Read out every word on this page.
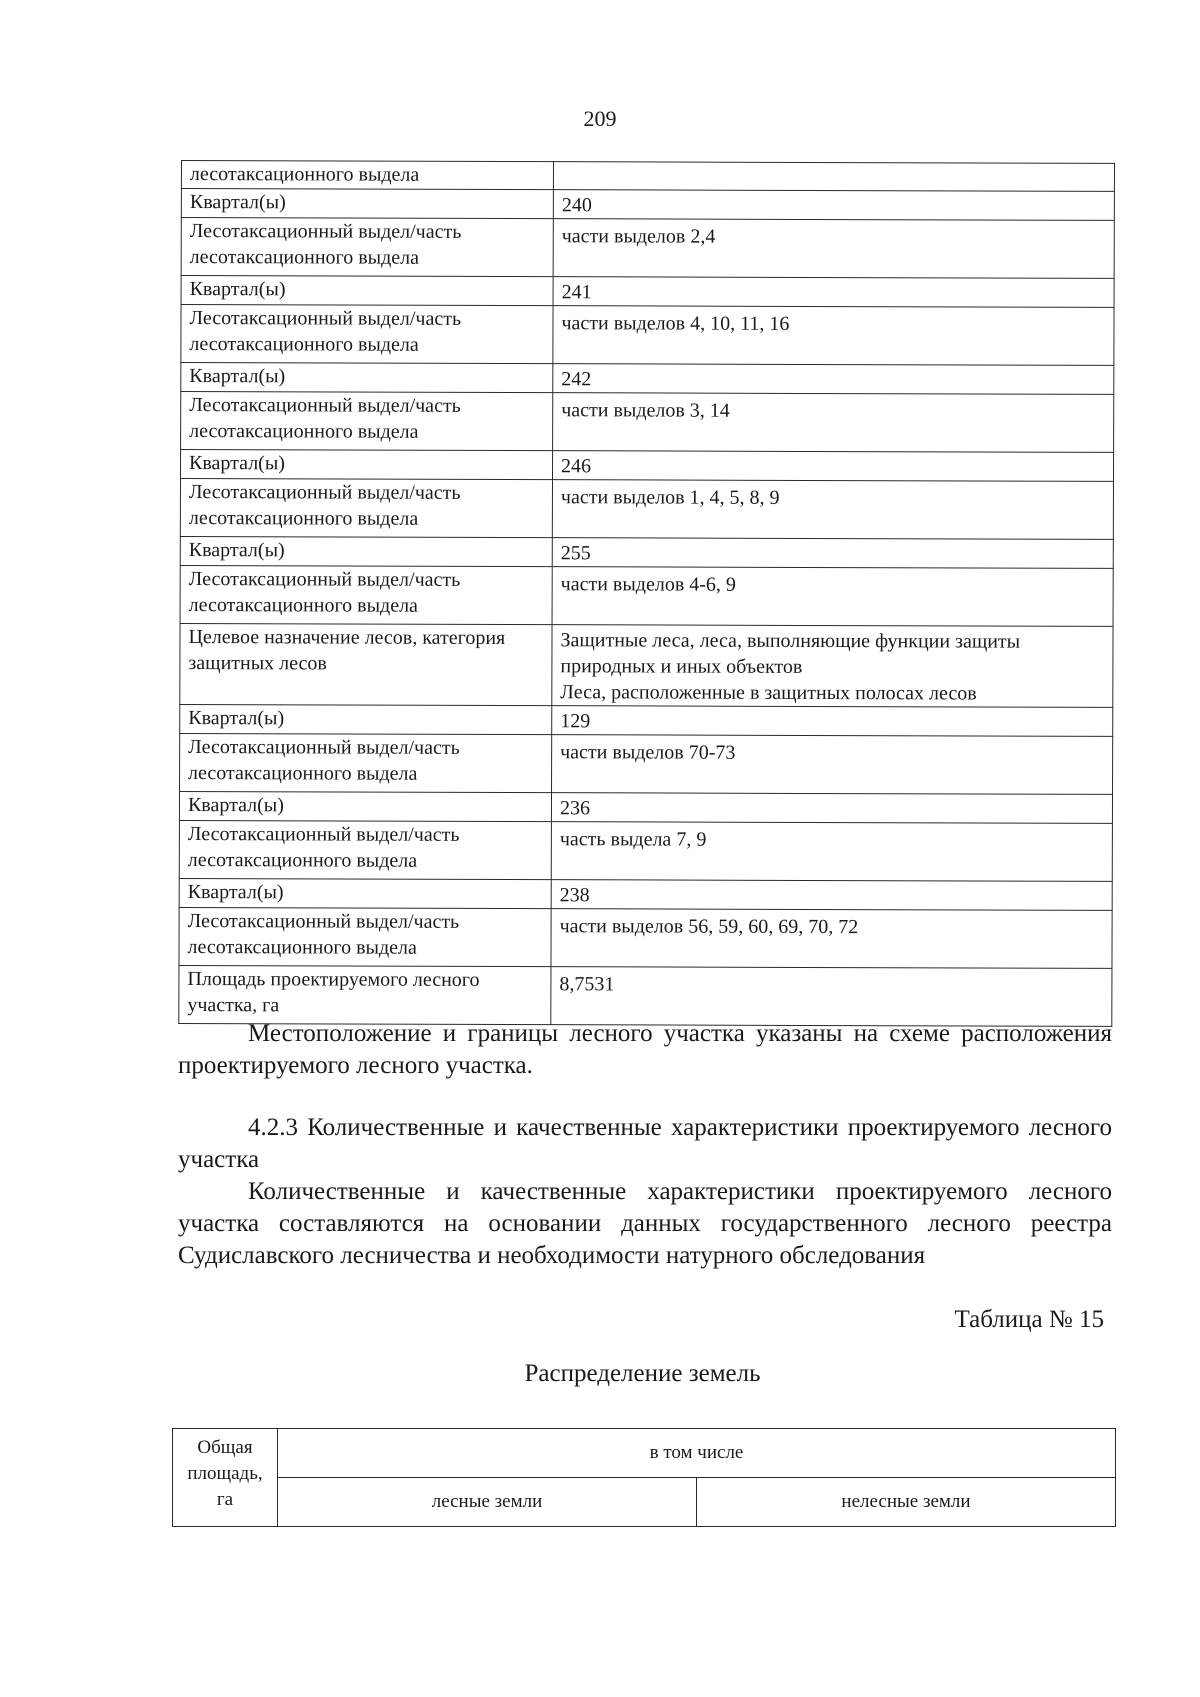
209
лесотаксационного выдела	
Квартал(ы)	240
Лесотаксационный выдел/часть лесотаксационного выдела	части выделов 2,4
Квартал(ы)	241
Лесотаксационный выдел/часть лесотаксационного выдела	части выделов 4, 10, 11, 16
Квартал(ы)	242
Лесотаксационный выдел/часть лесотаксационного выдела	части выделов 3, 14
Квартал(ы)	246
Лесотаксационный выдел/часть лесотаксационного выдела	части выделов 1, 4, 5, 8, 9
Квартал(ы)	255
Лесотаксационный выдел/часть лесотаксационного выдела	части выделов 4-6, 9
Целевое назначение лесов, категория защитных лесов	Защитные леса, леса, выполняющие функции защиты природных и иных объектов
Леса, расположенные в защитных полосах лесов

Квартал(ы)	129
Лесотаксационный выдел/часть лесотаксационного выдела	части выделов 70-73
Квартал(ы)	236
Лесотаксационный выдел/часть лесотаксационного выдела	часть выдела 7, 9
Квартал(ы)	238
Лесотаксационный выдел/часть лесотаксационного выдела	части выделов 56, 59, 60, 69, 70, 72
Площадь проектируемого лесного участка, га	8,7531
Местоположение и границы лесного участка указаны на схеме расположения проектируемого лесного участка.
4.2.3 Количественные и качественные характеристики проектируемого лесного участка
Количественные и качественные характеристики проектируемого лесного участка составляются на основании данных государственного лесного реестра Судиславского лесничества и необходимости натурного обследования
Таблица № 15
Распределение земель
Общая площадь, га	в том числе	
	лесные земли	нелесные земли
